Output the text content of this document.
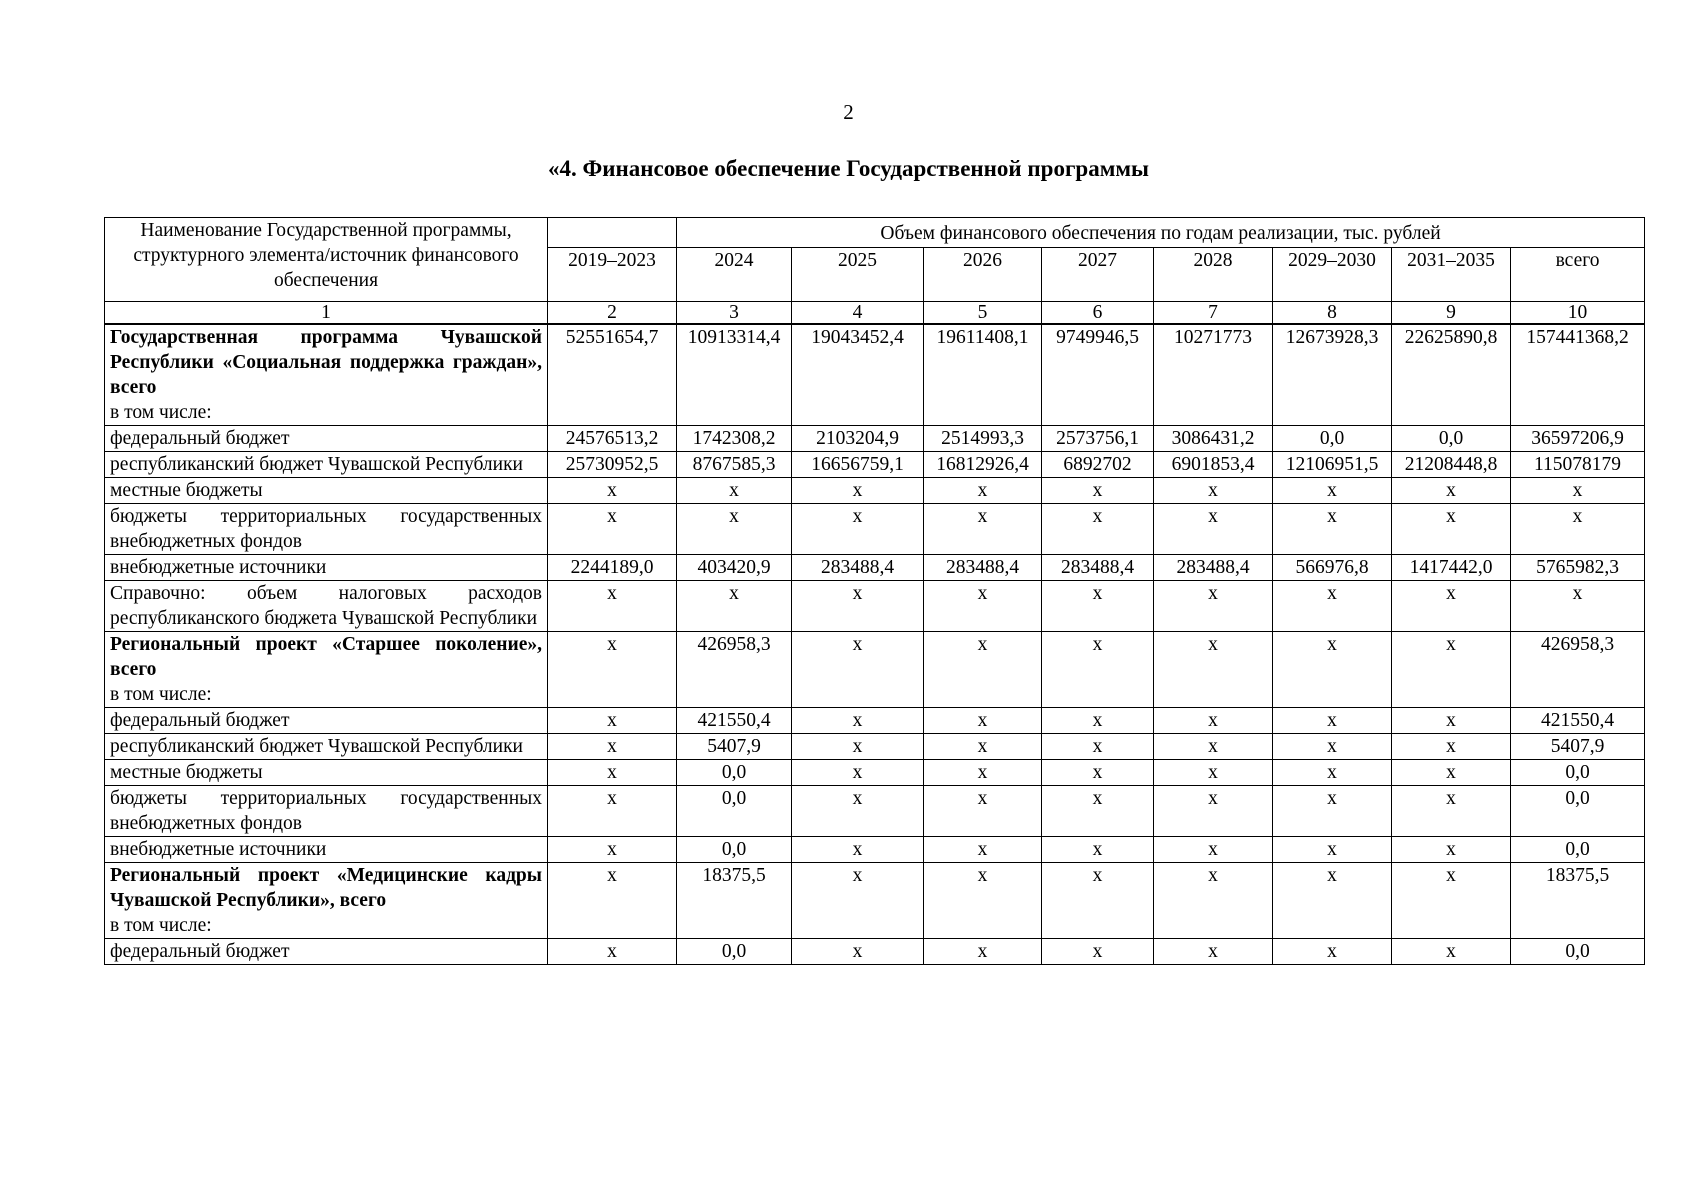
2
«4. Финансовое обеспечение Государственной программы
Наименование Государственной программы, структурного элемента/источник финансового обеспечения		Объем финансового обеспечения по годам реализации, тыс. рублей							
	2019–2023	2024	2025	2026	2027	2028	2029–2030	2031–2035	всего
1	2	3	4	5	6	7	8	9	10
Государственная программа Чувашской Республики «Социальная поддержка граждан», всего
в том числе:	52551654,7	10913314,4	19043452,4	19611408,1	9749946,5	10271773	12673928,3	22625890,8	157441368,2
федеральный бюджет	24576513,2	1742308,2	2103204,9	2514993,3	2573756,1	3086431,2	0,0	0,0	36597206,9
республиканский бюджет Чувашской Республики	25730952,5	8767585,3	16656759,1	16812926,4	6892702	6901853,4	12106951,5	21208448,8	115078179
местные бюджеты	x	x	x	x	x	x	x	x	x
бюджеты территориальных государственных внебюджетных фондов	x	x	x	x	x	x	x	x	x
внебюджетные источники	2244189,0	403420,9	283488,4	283488,4	283488,4	283488,4	566976,8	1417442,0	5765982,3
Справочно: объем налоговых расходов республиканского бюджета Чувашской Республики	x	x	x	x	x	x	x	x	x
Региональный проект «Старшее поколение», всего
в том числе:	x	426958,3	x	x	x	x	x	x	426958,3
федеральный бюджет	x	421550,4	x	x	x	x	x	x	421550,4
республиканский бюджет Чувашской Республики	x	5407,9	x	x	x	x	x	x	5407,9
местные бюджеты	x	0,0	x	x	x	x	x	x	0,0
бюджеты территориальных государственных внебюджетных фондов	x	0,0	x	x	x	x	x	x	0,0
внебюджетные источники	x	0,0	x	x	x	x	x	x	0,0
Региональный проект «Медицинские кадры Чувашской Республики», всего
в том числе:	x	18375,5	x	x	x	x	x	x	18375,5
федеральный бюджет	x	0,0	x	x	x	x	x	x	0,0
